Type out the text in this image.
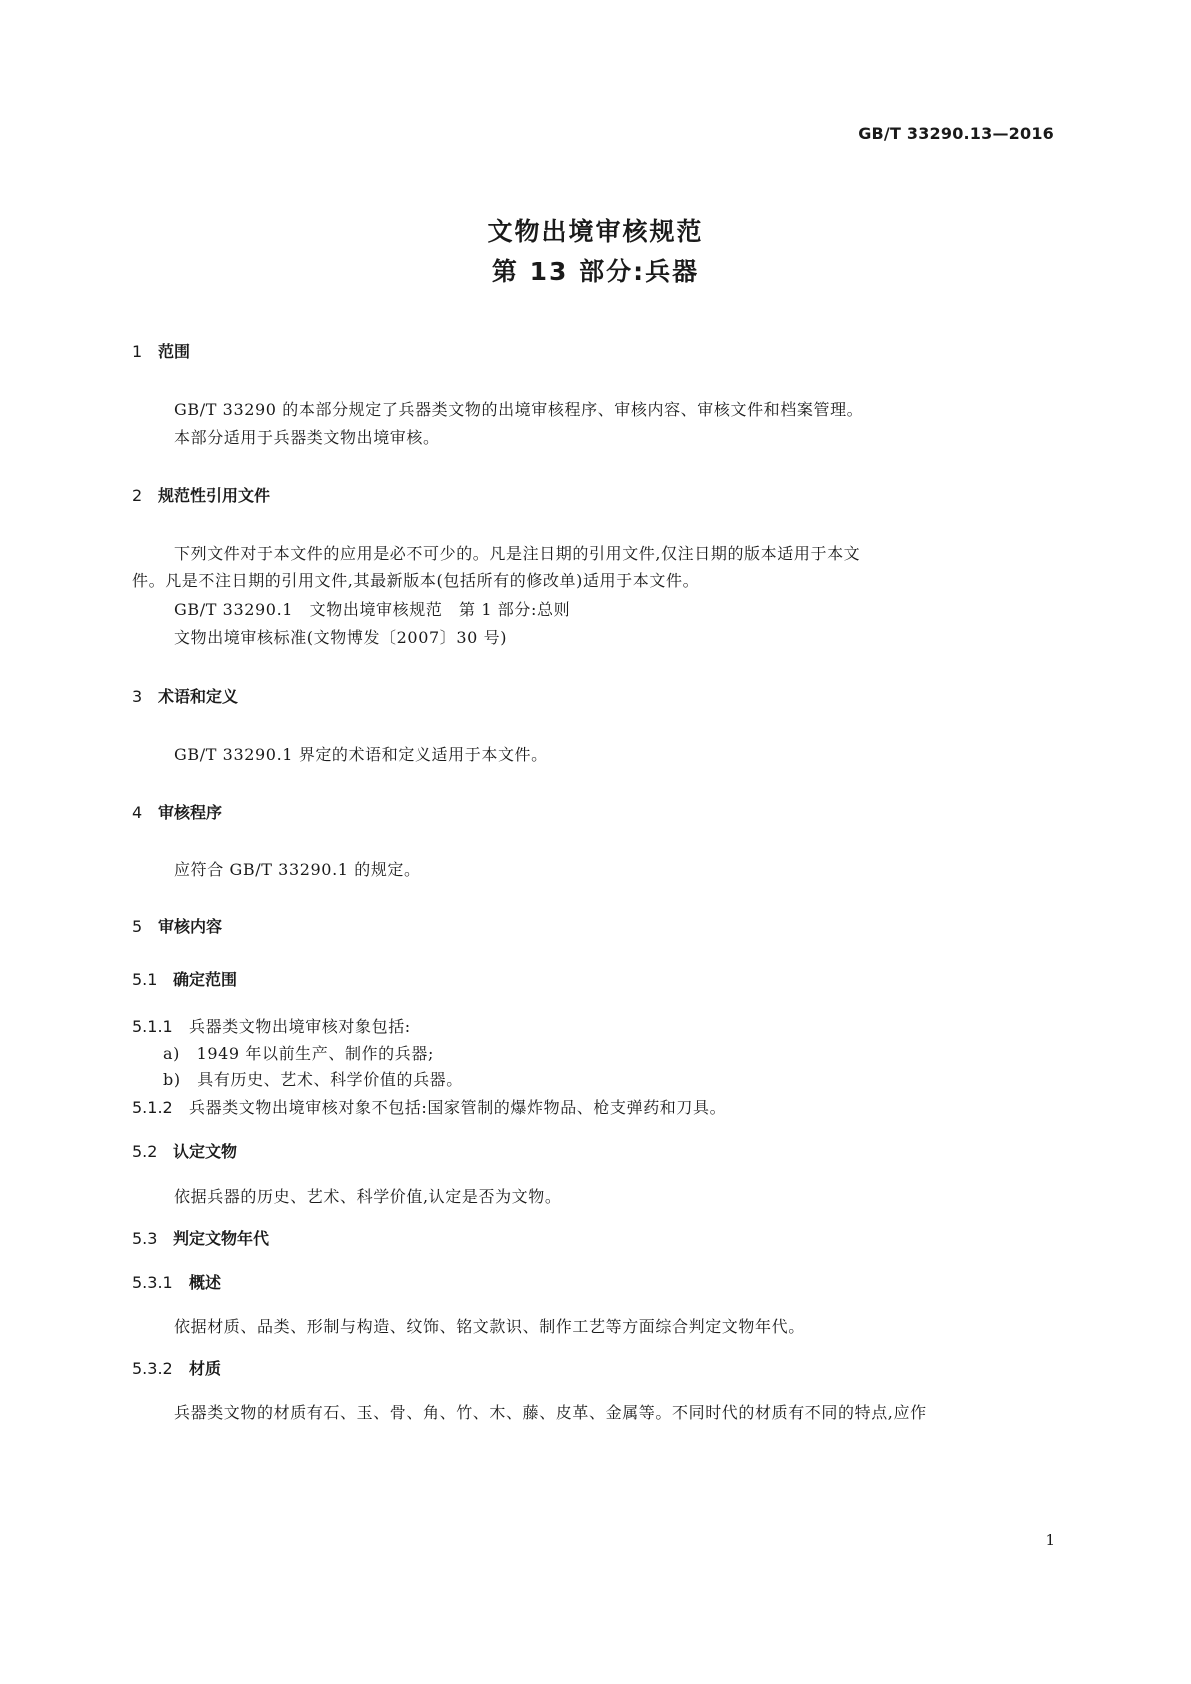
GB/T 33290.13—2016
文物出境审核规范
第 13 部分:兵器
1 范围
GB/T 33290 的本部分规定了兵器类文物的出境审核程序、审核内容、审核文件和档案管理。
本部分适用于兵器类文物出境审核。
2 规范性引用文件
下列文件对于本文件的应用是必不可少的。凡是注日期的引用文件,仅注日期的版本适用于本文
件。凡是不注日期的引用文件,其最新版本(包括所有的修改单)适用于本文件。
GB/T 33290.1　文物出境审核规范　第 1 部分:总则
文物出境审核标准(文物博发〔2007〕30 号)
3 术语和定义
GB/T 33290.1 界定的术语和定义适用于本文件。
4 审核程序
应符合 GB/T 33290.1 的规定。
5 审核内容
5.1 确定范围
5.1.1 兵器类文物出境审核对象包括:
a)　1949 年以前生产、制作的兵器;
b)　具有历史、艺术、科学价值的兵器。
5.1.2 兵器类文物出境审核对象不包括:国家管制的爆炸物品、枪支弹药和刀具。
5.2 认定文物
依据兵器的历史、艺术、科学价值,认定是否为文物。
5.3 判定文物年代
5.3.1 概述
依据材质、品类、形制与构造、纹饰、铭文款识、制作工艺等方面综合判定文物年代。
5.3.2 材质
兵器类文物的材质有石、玉、骨、角、竹、木、藤、皮革、金属等。不同时代的材质有不同的特点,应作
1
